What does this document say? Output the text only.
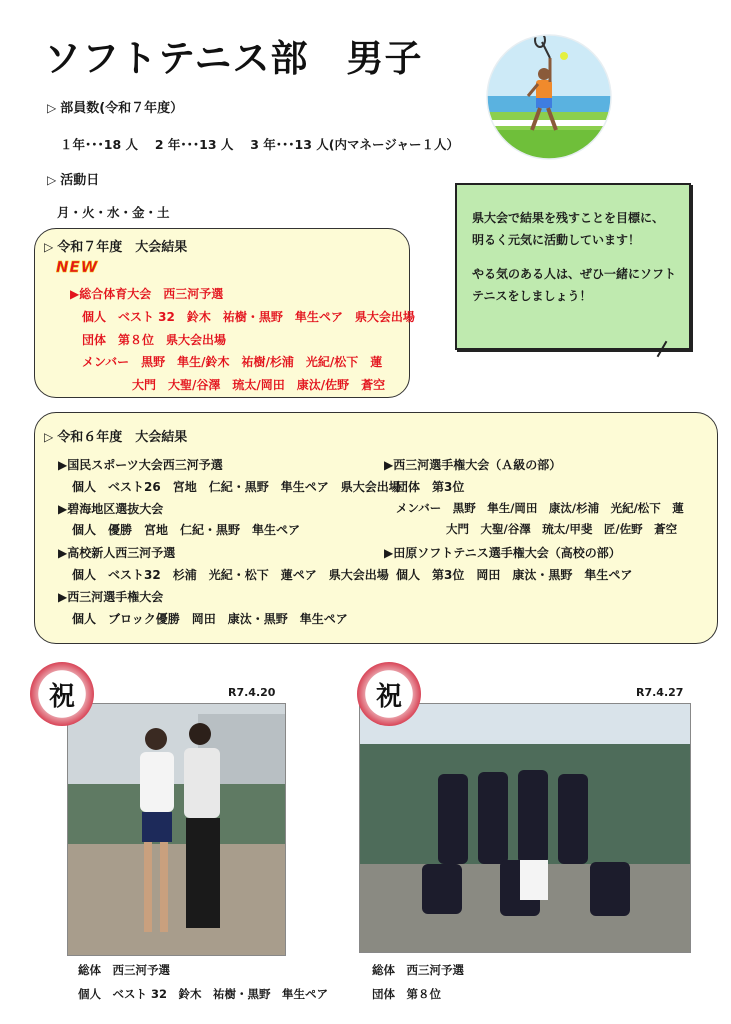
ソフトテニス部　男子
▷ 部員数(令和７年度）
１年･･･18 人　 2 年･･･13 人　 3 年･･･13 人(内マネージャー１人）
▷ 活動日
月・火・水・金・土	県大会で結果を残すことを目標に、

明るく元気に活動しています！

やる気のある人は、ぜひ一緒にソフト

テニスをしましょう！

▷ 令和７年度　大会結果
NEW
▶総合体育大会　西三河予選
個人　ベスト 32　鈴木　祐樹・黒野　隼生ペア　県大会出場
団体　第８位　県大会出場
メンバー　黒野　隼生/鈴木　祐樹/杉浦　光紀/松下　蓮
大門　大聖/谷澤　琉太/岡田　康汰/佐野　蒼空
▷ 令和６年度　大会結果
▶国民スポーツ大会西三河予選
個人　ベスト26　宮地　仁紀・黒野　隼生ペア　県大会出場
▶碧海地区選抜大会
個人　優勝　宮地　仁紀・黒野　隼生ペア
▶高校新人西三河予選
個人　ベスト32　杉浦　光紀・松下　蓮ペア　県大会出場
▶西三河選手権大会
個人　ブロック優勝　岡田　康汰・黒野　隼生ペア
▶西三河選手権大会（Ａ級の部）
団体　第3位
メンバー　黒野　隼生/岡田　康汰/杉浦　光紀/松下　蓮
大門　大聖/谷澤　琉太/甲斐　匠/佐野　蒼空
▶田原ソフトテニス選手権大会（高校の部）
個人　第3位　岡田　康汰・黒野　隼生ペア
祝	R7.4.20
総体　西三河予選
個人　ベスト 32　鈴木　祐樹・黒野　隼生ペア
祝	R7.4.27
総体　西三河予選
団体　第８位
